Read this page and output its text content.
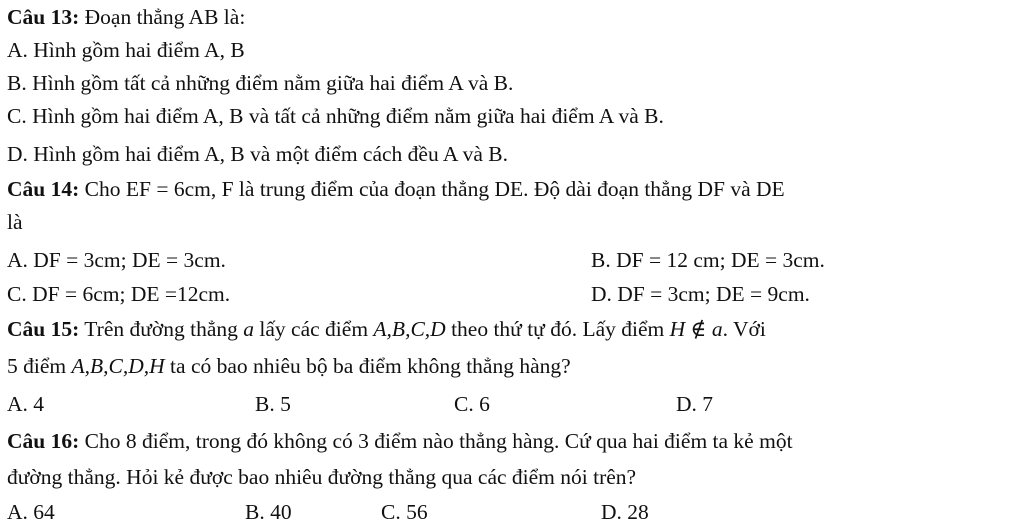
Câu 13: Đoạn thẳng AB là:
A. Hình gồm hai điểm A, B
B. Hình gồm tất cả những điểm nằm giữa hai điểm A và B.
C. Hình gồm hai điểm A, B và tất cả những điểm nằm giữa hai điểm A và B.
D. Hình gồm hai điểm A, B và một điểm cách đều A và B.
Câu 14: Cho EF = 6cm, F là trung điểm của đoạn thẳng DE. Độ dài đoạn thẳng DF và DE
là
A. DF = 3cm; DE = 3cm.	B. DF = 12 cm; DE = 3cm.
C. DF = 6cm; DE =12cm.	D. DF = 3cm; DE = 9cm.
Câu 15: Trên đường thẳng a lấy các điểm A,B,C,D theo thứ tự đó. Lấy điểm H ∉ a. Với
5 điểm A,B,C,D,H ta có bao nhiêu bộ ba điểm không thẳng hàng?
A. 4	B. 5	C. 6	D. 7
Câu 16: Cho 8 điểm, trong đó không có 3 điểm nào thẳng hàng. Cứ qua hai điểm ta kẻ một
đường thẳng. Hỏi kẻ được bao nhiêu đường thẳng qua các điểm nói trên?
A. 64	B. 40	C. 56	D. 28
